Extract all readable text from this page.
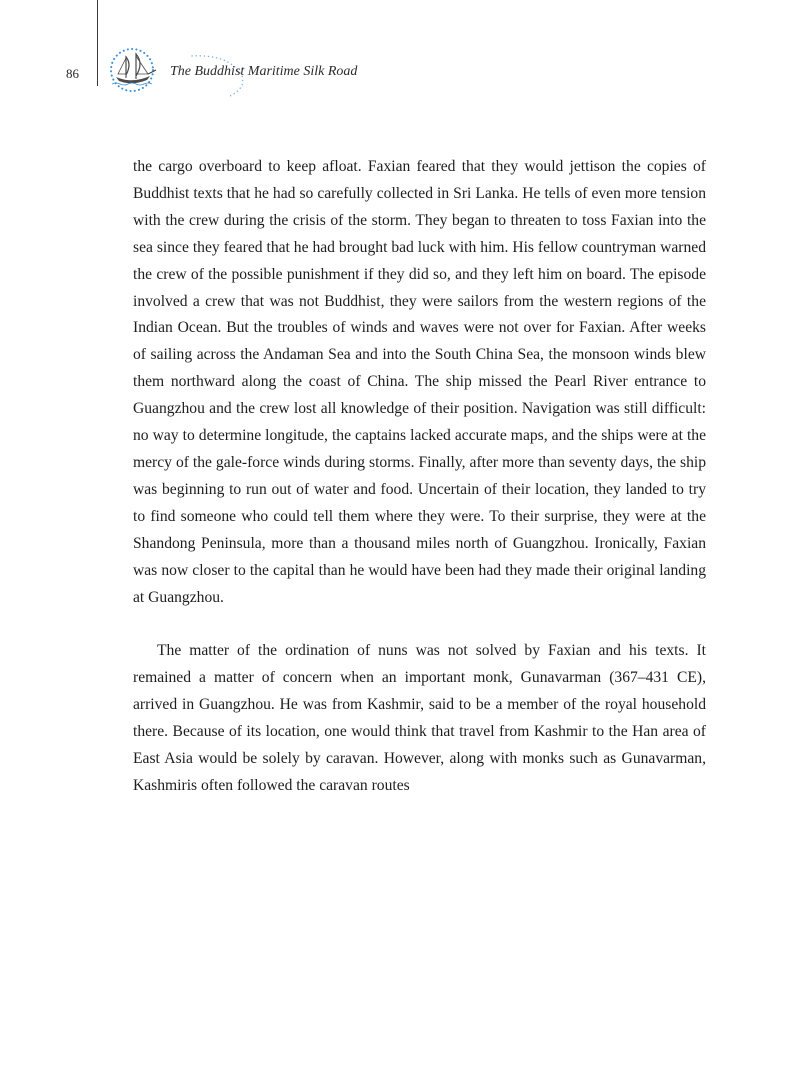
86	The Buddhist Maritime Silk Road

the cargo overboard to keep afloat. Faxian feared that they would jettison the copies of Buddhist texts that he had so carefully collected in Sri Lanka. He tells of even more tension with the crew during the crisis of the storm. They began to threaten to toss Faxian into the sea since they feared that he had brought bad luck with him. His fellow countryman warned the crew of the possible punishment if they did so, and they left him on board. The episode involved a crew that was not Buddhist, they were sailors from the western regions of the Indian Ocean. But the troubles of winds and waves were not over for Faxian. After weeks of sailing across the Andaman Sea and into the South China Sea, the monsoon winds blew them northward along the coast of China. The ship missed the Pearl River entrance to Guangzhou and the crew lost all knowledge of their position. Navigation was still difficult: no way to determine longitude, the captains lacked accurate maps, and the ships were at the mercy of the gale-force winds during storms. Finally, after more than seventy days, the ship was beginning to run out of water and food. Uncertain of their location, they landed to try to find someone who could tell them where they were. To their surprise, they were at the Shandong Peninsula, more than a thousand miles north of Guangzhou. Ironically, Faxian was now closer to the capital than he would have been had they made their original landing at Guangzhou.

The matter of the ordination of nuns was not solved by Faxian and his texts. It remained a matter of concern when an important monk, Gunavarman (367–431 CE), arrived in Guangzhou. He was from Kashmir, said to be a member of the royal household there. Because of its location, one would think that travel from Kashmir to the Han area of East Asia would be solely by caravan. However, along with monks such as Gunavarman, Kashmiris often followed the caravan routes
